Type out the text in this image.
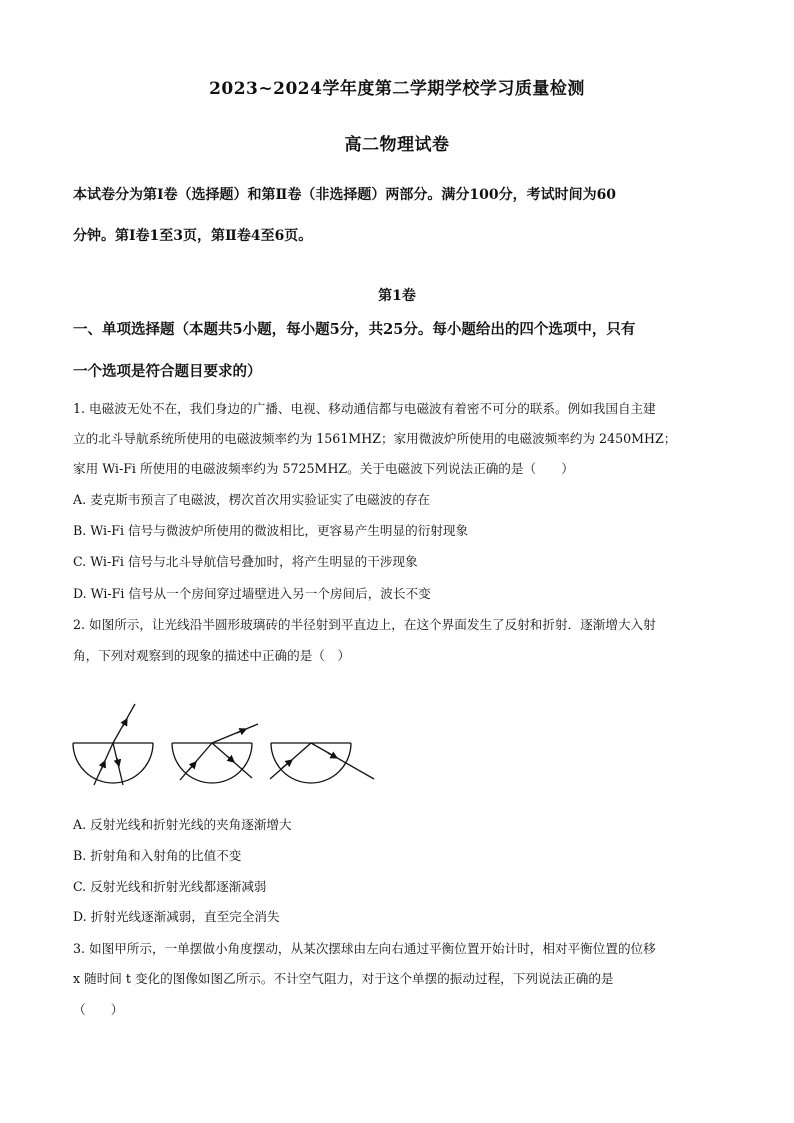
2023~2024学年度第二学期学校学习质量检测
高二物理试卷
本试卷分为第Ⅰ卷（选择题）和第Ⅱ卷（非选择题）两部分。满分100分，考试时间为60
分钟。第Ⅰ卷1至3页，第Ⅱ卷4至6页。
第1卷
一、单项选择题（本题共5小题，每小题5分，共25分。每小题给出的四个选项中，只有
一个选项是符合题目要求的）
1. 电磁波无处不在，我们身边的广播、电视、移动通信都与电磁波有着密不可分的联系。例如我国自主建
立的北斗导航系统所使用的电磁波频率约为 1561MHZ；家用微波炉所使用的电磁波频率约为 2450MHZ；
家用 Wi-Fi 所使用的电磁波频率约为 5725MHZ。关于电磁波下列说法正确的是（　　）
A. 麦克斯韦预言了电磁波，楞次首次用实验证实了电磁波的存在
B. Wi-Fi 信号与微波炉所使用的微波相比，更容易产生明显的衍射现象
C. Wi-Fi 信号与北斗导航信号叠加时，将产生明显的干涉现象
D. Wi-Fi 信号从一个房间穿过墙壁进入另一个房间后，波长不变
2. 如图所示，让光线沿半圆形玻璃砖的半径射到平直边上，在这个界面发生了反射和折射．逐渐增大入射
角，下列对观察到的现象的描述中正确的是（　）
A. 反射光线和折射光线的夹角逐渐增大
B. 折射角和入射角的比值不变
C. 反射光线和折射光线都逐渐减弱
D. 折射光线逐渐减弱，直至完全消失
3. 如图甲所示，一单摆做小角度摆动，从某次摆球由左向右通过平衡位置开始计时，相对平衡位置的位移
x 随时间 t 变化的图像如图乙所示。不计空气阻力，对于这个单摆的振动过程，下列说法正确的是
（　　）
